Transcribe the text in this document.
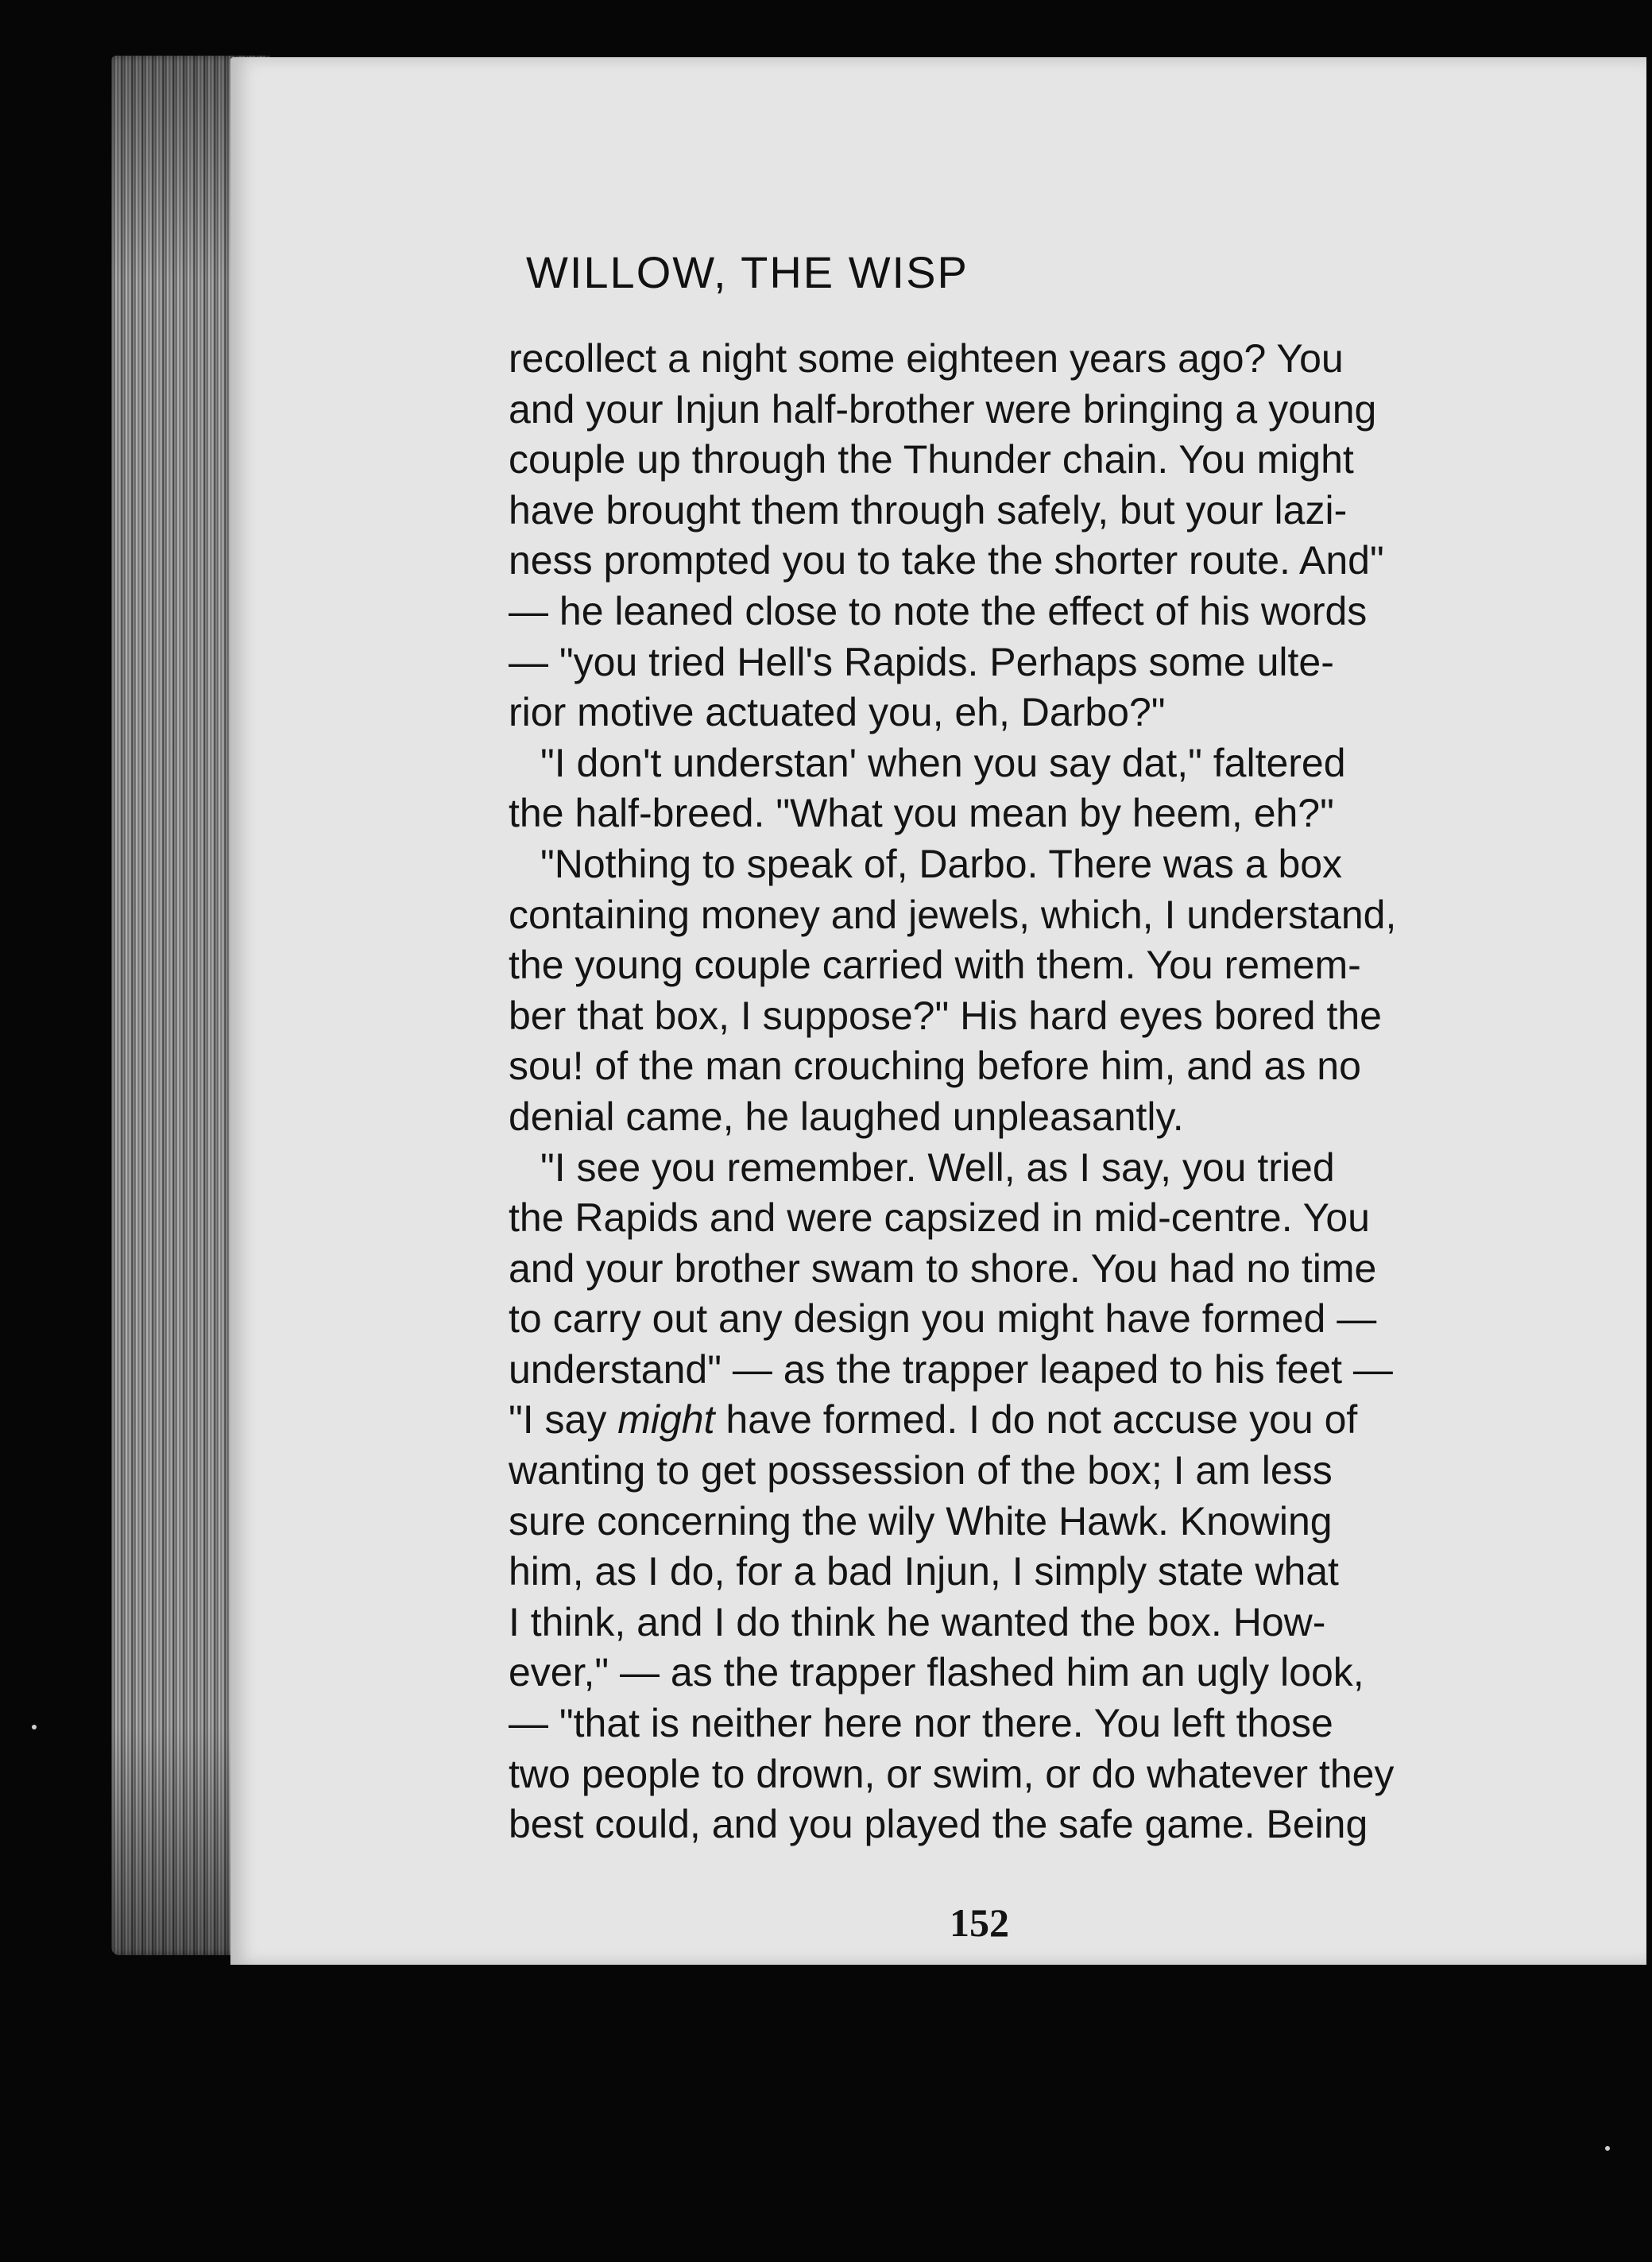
WILLOW, THE WISP
recollect a night some eighteen years ago? You
and your Injun half-brother were bringing a young
couple up through the Thunder chain. You might
have brought them through safely, but your lazi-
ness prompted you to take the shorter route. And"
— he leaned close to note the effect of his words
— "you tried Hell's Rapids. Perhaps some ulte-
rior motive actuated you, eh, Darbo?"
"I don't understan' when you say dat," faltered
the half-breed. "What you mean by heem, eh?"
"Nothing to speak of, Darbo. There was a box
containing money and jewels, which, I understand,
the young couple carried with them. You remem-
ber that box, I suppose?" His hard eyes bored the
sou! of the man crouching before him, and as no
denial came, he laughed unpleasantly.
"I see you remember. Well, as I say, you tried
the Rapids and were capsized in mid-centre. You
and your brother swam to shore. You had no time
to carry out any design you might have formed —
understand" — as the trapper leaped to his feet —
"I say might have formed. I do not accuse you of
wanting to get possession of the box; I am less
sure concerning the wily White Hawk. Knowing
him, as I do, for a bad Injun, I simply state what
I think, and I do think he wanted the box. How-
ever," — as the trapper flashed him an ugly look,
— "that is neither here nor there. You left those
two people to drown, or swim, or do whatever they
best could, and you played the safe game. Being
152
